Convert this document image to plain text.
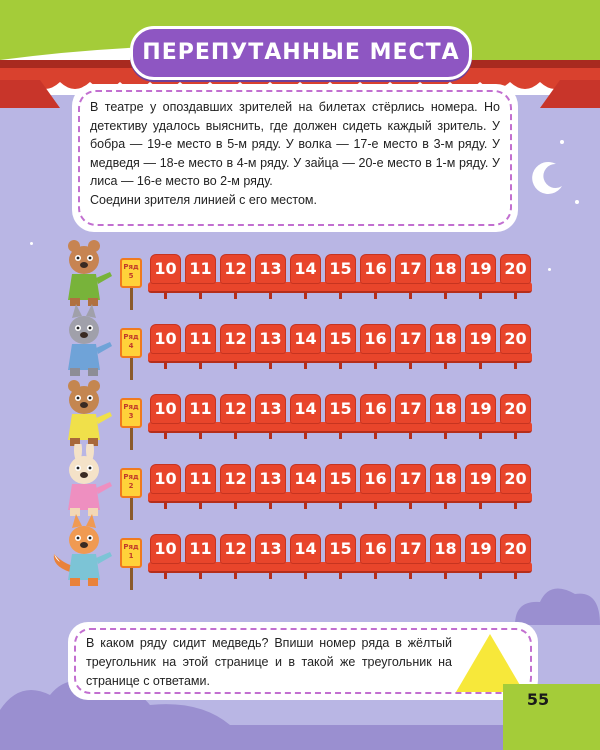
ПЕРЕПУТАННЫЕ МЕСТА

В театре у опоздавших зрителей на билетах стёрлись номера. Но детективу удалось выяснить, где должен сидеть каждый зритель. У бобра — 19-е место в 5-м ряду. У волка — 17-е место в 3-м ряду. У медведя — 18-е место в 4-м ряду. У зайца — 20-е место в 1-м ряду. У лиса — 16-е место во 2-м ряду.

Соедини зрителя линией с его местом.

Ряд
5	10 11 12 13 14 15 16 17 18 19 20
Ряд
4	10 11 12 13 14 15 16 17 18 19 20
Ряд
3	10 11 12 13 14 15 16 17 18 19 20
Ряд
2	10 11 12 13 14 15 16 17 18 19 20
Ряд
1	10 11 12 13 14 15 16 17 18 19 20

В каком ряду сидит медведь? Впиши номер ряда в жёлтый треугольник на этой странице и в такой же треугольник на странице с ответами.

55
